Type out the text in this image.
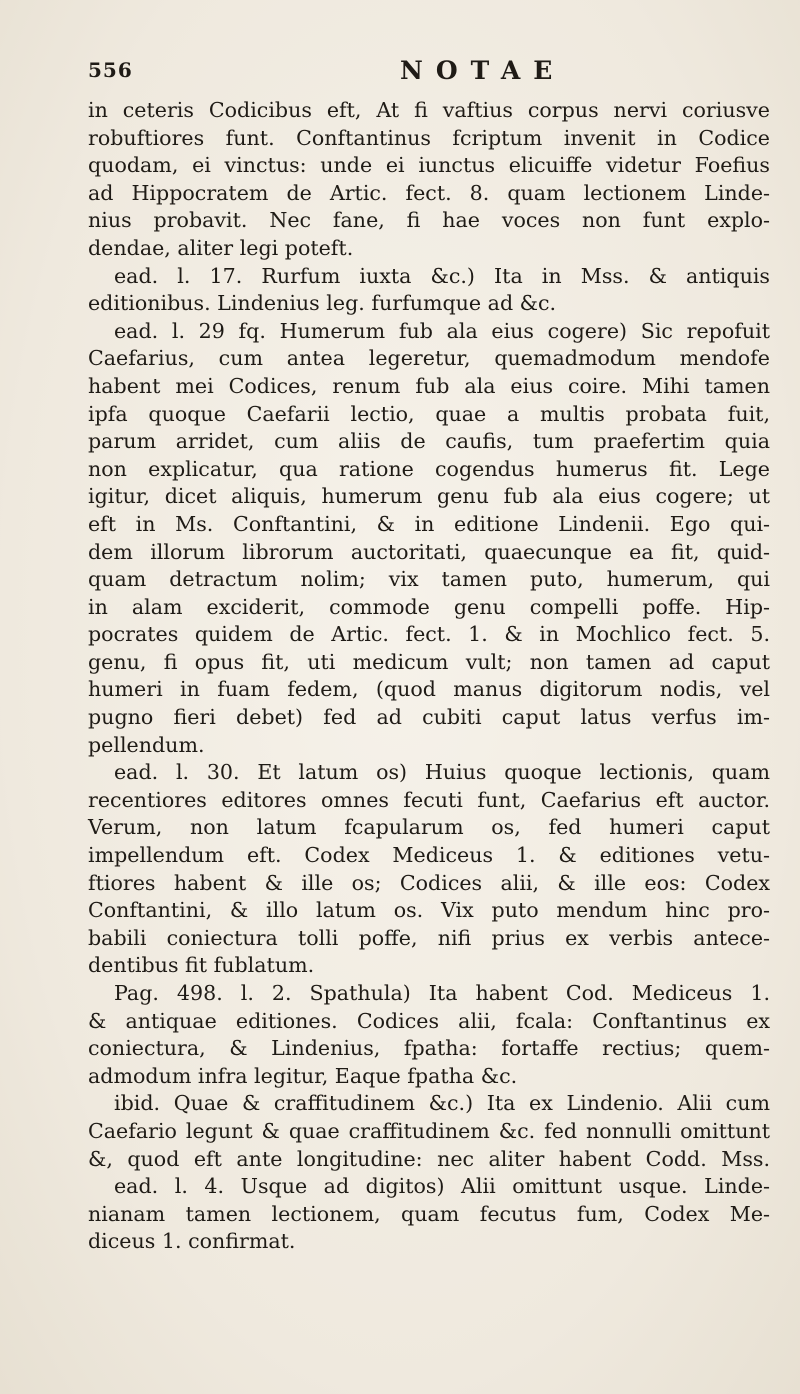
556	NOTAE
in ceteris Codicibus eft, At fi vaftius corpus nervi coriusve
robuftiores funt. Conftantinus fcriptum invenit in Codice
quodam, ei vinctus: unde ei iunctus elicuiffe videtur Foefius
ad Hippocratem de Artic. fect. 8. quam lectionem Linde-
nius probavit. Nec fane, fi hae voces non funt explo-
dendae, aliter legi poteft.
ead. l. 17. Rurfum iuxta &c.) Ita in Mss. & antiquis
editionibus. Lindenius leg. furfumque ad &c.
ead. l. 29 fq. Humerum fub ala eius cogere) Sic repofuit
Caefarius, cum antea legeretur, quemadmodum mendofe
habent mei Codices, renum fub ala eius coire. Mihi tamen
ipfa quoque Caefarii lectio, quae a multis probata fuit,
parum arridet, cum aliis de caufis, tum praefertim quia
non explicatur, qua ratione cogendus humerus fit. Lege
igitur, dicet aliquis, humerum genu fub ala eius cogere; ut
eft in Ms. Conftantini, & in editione Lindenii. Ego qui-
dem illorum librorum auctoritati, quaecunque ea fit, quid-
quam detractum nolim; vix tamen puto, humerum, qui
in alam exciderit, commode genu compelli poffe. Hip-
pocrates quidem de Artic. fect. 1. & in Mochlico fect. 5.
genu, fi opus fit, uti medicum vult; non tamen ad caput
humeri in fuam fedem, (quod manus digitorum nodis, vel
pugno fieri debet) fed ad cubiti caput latus verfus im-
pellendum.
ead. l. 30. Et latum os) Huius quoque lectionis, quam
recentiores editores omnes fecuti funt, Caefarius eft auctor.
Verum, non latum fcapularum os, fed humeri caput
impellendum eft. Codex Mediceus 1. & editiones vetu-
ftiores habent & ille os; Codices alii, & ille eos: Codex
Conftantini, & illo latum os. Vix puto mendum hinc pro-
babili coniectura tolli poffe, nifi prius ex verbis antece-
dentibus fit fublatum.
Pag. 498. l. 2. Spathula) Ita habent Cod. Mediceus 1.
& antiquae editiones. Codices alii, fcala: Conftantinus ex
coniectura, & Lindenius, fpatha: fortaffe rectius; quem-
admodum infra legitur, Eaque fpatha &c.
ibid. Quae & craffitudinem &c.) Ita ex Lindenio. Alii cum
Caefario legunt & quae craffitudinem &c. fed nonnulli omittunt
&, quod eft ante longitudine: nec aliter habent Codd. Mss.
ead. l. 4. Usque ad digitos) Alii omittunt usque. Linde-
nianam tamen lectionem, quam fecutus fum, Codex Me-
diceus 1. confirmat.
